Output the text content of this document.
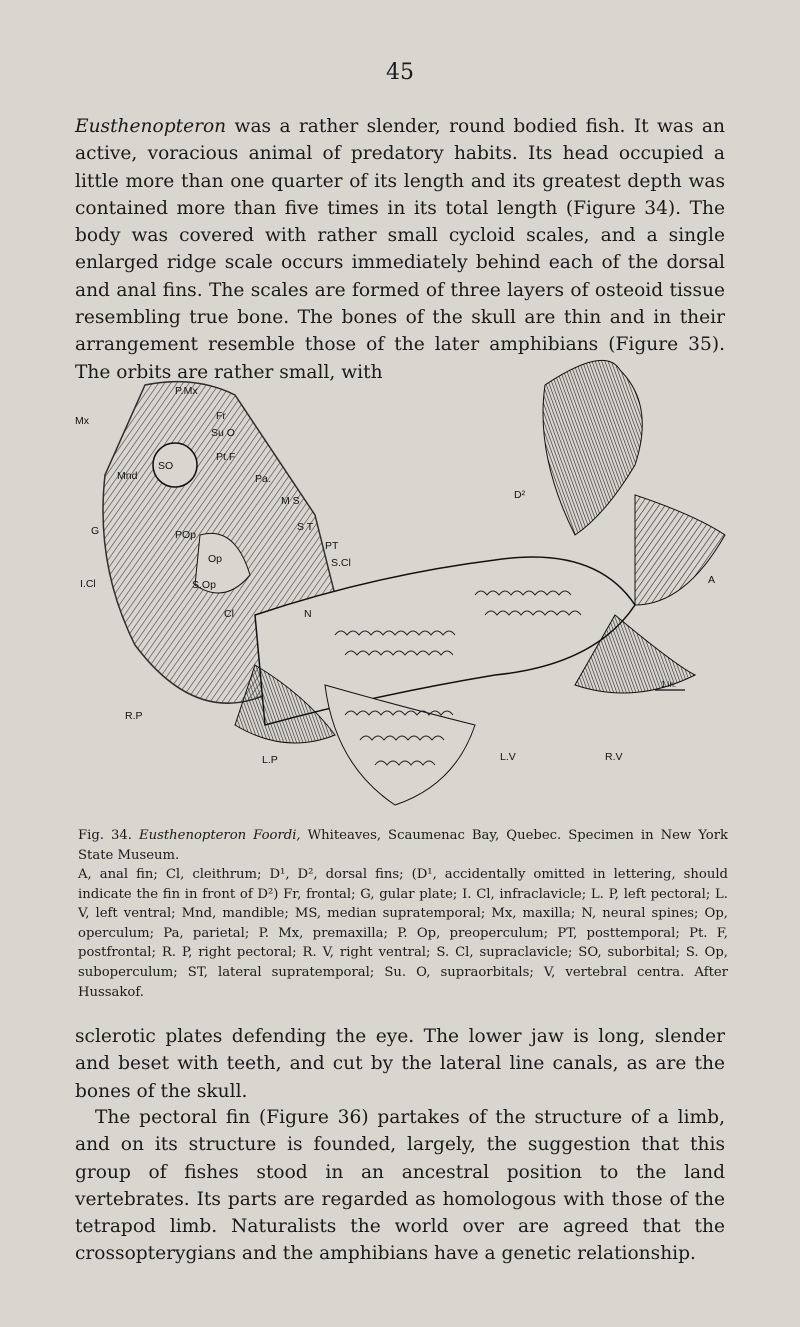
45

Eusthenopteron was a rather slender, round bodied fish. It was an active, voracious animal of predatory habits. Its head occupied a little more than one quarter of its length and its greatest depth was contained more than five times in its total length (Figure 34). The body was covered with rather small cycloid scales, and a single enlarged ridge scale occurs immediately behind each of the dorsal and anal fins. The scales are formed of three layers of osteoid tissue resembling true bone. The bones of the skull are thin and in their arrangement resemble those of the later amphibians (Figure 35). The orbits are rather small, with

P.Mx
Mx	Fr
Su O
Pt.F
SO
Mnd	Pa.
M S
S T
G	POp
Op
PT
S.Cl
I.Cl	S.Op
Cl	N
D²
A
R.P
L.P	L.V	R.V
1 in.

Fig. 34. Eusthenopteron Foordi, Whiteaves, Scaumenac Bay, Quebec. Specimen in New York State Museum.

A, anal fin; Cl, cleithrum; D¹, D², dorsal fins; (D¹, accidentally omitted in lettering, should indicate the fin in front of D²) Fr, frontal; G, gular plate; I. Cl, infraclavicle; L. P, left pectoral; L. V, left ventral; Mnd, mandible; MS, median supratemporal; Mx, maxilla; N, neural spines; Op, operculum; Pa, parietal; P. Mx, premaxilla; P. Op, preoperculum; PT, posttemporal; Pt. F, postfrontal; R. P, right pectoral; R. V, right ventral; S. Cl, supraclavicle; SO, suborbital; S. Op, suboperculum; ST, lateral supratemporal; Su. O, supraorbitals; V, vertebral centra. After Hussakof.

sclerotic plates defending the eye. The lower jaw is long, slender and beset with teeth, and cut by the lateral line canals, as are the bones of the skull.

The pectoral fin (Figure 36) partakes of the structure of a limb, and on its structure is founded, largely, the suggestion that this group of fishes stood in an ancestral position to the land vertebrates. Its parts are regarded as homologous with those of the tetrapod limb. Naturalists the world over are agreed that the crossopterygians and the amphibians have a genetic relationship.
